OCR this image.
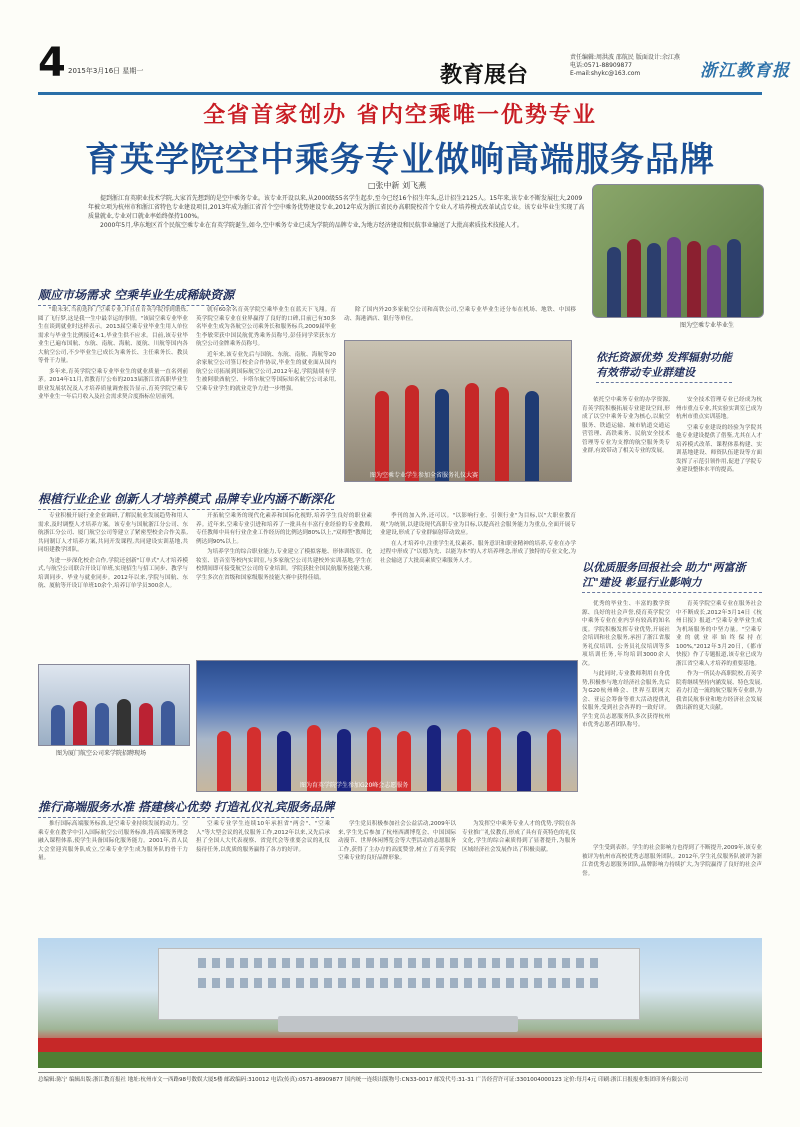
4 2015年3月16日 星期一	教育展台
责任编辑:周洪波 邵航民 版面设计:余江燕
电话:0571-88909877
E-mail:shykc@163.com	浙江教育报
全省首家创办 省内空乘唯一优势专业
育英学院空中乘务专业做响高端服务品牌
□张中新 刘飞燕

提到浙江育英职业技术学院,大家首先想到的是空中乘务专业。该专业开设以来,从2000级55名学生起步,至今已经16个招生年头,总计招生2125人。15年来,该专业不断发展壮大,2009年被立项为杭州市和浙江省特色专业建设项目,2013年成为浙江省首个空中乘务优势建设专业,2012年成为浙江省民办高职院校首个专业人才培养模式改革试点专业。该专业毕业生实现了高质量就业,专业对口就业率始终保持100%。

2000年5月,华东地区首个民航空乘专业在育英学院诞生,如今,空中乘务专业已成为学院的品牌专业,为地方经济建设和民航事业输送了大批高素质技术技能人才。

图为空乘专业毕业生
顺应市场需求 空乘毕业生成稀缺资源

"眼未来,当初选择了空乘专业,并且在育英学院得到锻炼,圆了飞行梦,这是我一生中最幸运的事情。"该届空乘专业毕业生在谈到就业时这样表示。2013届空乘专业毕业生用人单位需求与毕业生比例接近4:1,毕业生供不应求。目前,该专业毕业生已遍布国航、东航、南航、海航、厦航、川航等国内各大航空公司,不少毕业生已成长为乘务长、主任乘务长、教员等骨干力量。

多年来,育英学院空乘专业毕业生的就业质量一直名列前茅。2014年11月,省教育厅公布的2013届浙江省高职毕业生职业发展状况及人才培养质量调查报告显示,育英学院空乘专业毕业生一年后月收入及社会需求契合度指标位居前列。

就有60余名育英学院空乘毕业生在蓝天下飞翔。育英学院空乘专业在业界赢得了良好的口碑,目前已有30多名毕业生成为各航空公司乘务长和服务标兵,2009届毕业生李敏荣获中国民航优秀乘务员称号,彭佳同学荣获东方航空公司金牌乘务员称号。

近年来,该专业先后与国航、东航、南航、海航等20余家航空公司签订校企合作协议,毕业生的就业面从国内航空公司拓展到国际航空公司,2012年起,学院陆续有学生被阿联酋航空、卡塔尔航空等国际知名航空公司录用,空乘专业学生的就业竞争力进一步增强。

除了国内外20多家航空公司和高铁公司,空乘专业毕业生还分布在机场、地铁、中国移动、海港酒店、银行等单位。

图为空乘专业学生参加全省服务礼仪大赛
依托资源优势 发挥辐射功能
有效带动专业群建设

依托空中乘务专业的办学资源,育英学院积极拓展专业建设空间,形成了以空中乘务专业为核心,以航空服务、铁道运输、城市轨道交通运营管理、高铁乘务、民航安全技术管理等专业为支撑的航空服务类专业群,有效带动了相关专业的发展。

安全技术管理专业已经成为杭州市重点专业,其实验实训室已成为杭州市重点实训基地。

空乘专业建设的经验为学院其他专业建设提供了借鉴,尤其在人才培养模式改革、课程体系构建、实训基地建设、师资队伍建设等方面发挥了示范引领作用,促进了学院专业建设整体水平的提高。

根植行业企业 创新人才培养模式 品牌专业内涵不断深化

专业积极开展行业企业调研,了解民航业发展趋势和用人需求,及时调整人才培养方案。该专业与国航浙江分公司、东航浙江分公司、厦门航空公司等建立了紧密型校企合作关系,共同制订人才培养方案,共同开发课程,共同建设实训基地,共同组建教学团队。

为进一步深化校企合作,学院还创新"订单式"人才培养模式,与航空公司联合开设订单班,实现招生与招工同步、教学与培训同步、毕业与就业同步。2012年以来,学院与国航、东航、厦航等开设订单班10余个,培养订单学员300余人。

开拓航空乘务的现代化素养和国际化视野,培养学生良好的职业素养。近年来,空乘专业引进和培养了一批具有丰富行业经验的专业教师,专任教师中具有行业企业工作经历的比例达到80%以上,"双师型"教师比例达到90%以上。

为培养学生的综合职业能力,专业建立了模拟客舱、形体训练室、化妆室、语音室等校内实训室,与多家航空公司共建校外实训基地,学生在校期间即可接受航空公司的专业培训。学院获批全国民航服务技能大赛,学生多次在省级和国家级服务技能大赛中获得佳绩。

季刊的加入外,还可以。"以影响行业、引领行业"为目标,以"大职业教育观"为统领,以建设现代高职专业为目标,以提高社会服务能力为重点,全面开展专业建设,形成了专业群辐射带动效应。

在人才培养中,注重学生礼仪素养、服务意识和职业精神的培养,专业在办学过程中形成了"以德为先、以能为本"的人才培养理念,形成了独特的专业文化,为社会输送了大批高素质空乘服务人才。

以优质服务回报社会 助力"两富浙江"建设 彰显行业影响力

优秀的毕业生、丰富的教学资源、良好的社会声誉,使育英学院空中乘务专业在业内享有较高的知名度。学院积极发挥专业优势,开展社会培训和社会服务,承担了浙江省服务礼仪培训、公务员礼仪培训等多项培训任务,年均培训3000余人次。

与此同时,专业教师利用自身优势,积极参与地方经济社会服务,先后为G20杭州峰会、世界互联网大会、亚运会筹备等重大活动提供礼仪服务,受到社会各界的一致好评。学生党员志愿服务队多次获得杭州市优秀志愿者团队称号。

育英学院空乘专业在服务社会中不断成长,2012年3月14日《杭州日报》报道:"空乘专业毕业生成为机场服务的中坚力量。"空乘专业的就业率始终保持在100%,"2012年3月20日,《都市快报》作了专题报道,该专业已成为浙江省空乘人才培养的重要基地。

作为一所民办高职院校,育英学院将继续坚持内涵发展、特色发展,着力打造一流的航空服务专业群,为我省民航事业和地方经济社会发展做出新的更大贡献。

图为厦门航空公司来学院招聘现场
图为育英学院学生参加G20峰会志愿服务
推行高端服务水准 搭建核心优势 打造礼仪礼宾服务品牌

推行国际高端服务标准,是空乘专业持续发展的动力。空乘专业在教学中引入国际航空公司服务标准,将高端服务理念融入课程体系,使学生具备国际化服务能力。2001年,省人民大会堂迎宾服务队成立,空乘专业学生成为服务队的骨干力量。

空乘专业学生连续10年承担省"两会"、"空乘人"等大型会议的礼仪服务工作,2012年以来,又先后承担了全国人大代表视察、省党代会等重要会议的礼仪接待任务,以优质的服务赢得了各方的好评。

学生党员积极参加社会公益活动,2009年以来,学生先后参加了杭州西湖博览会、中国国际动漫节、世界休闲博览会等大型活动的志愿服务工作,获得了主办方的高度赞誉,树立了育英学院空乘专业的良好品牌形象。

为发挥空中乘务专业人才的优势,学院在各专业推广礼仪教育,形成了具有育英特色的礼仪文化,学生的综合素质得到了显著提升,为服务区域经济社会发展作出了积极贡献。	学生受到表彰。学生的社会影响力也得到了不断提升,2009年,该专业被评为杭州市高校优秀志愿服务团队。2012年,学生礼仪服务队被评为浙江省优秀志愿服务团队,品牌影响力持续扩大,为学院赢得了良好的社会声誉。

总编辑:陈宁 编辑出版:浙江教育报社 地址:杭州市文一西路98号数娱大厦5楼 邮政编码:310012 电话(传真):0571-88909877 国内统一连续出版物号:CN33-0017 邮发代号:31-31 广告经营许可证:3301004000123 定价:每月4元 印刷:浙江日报报业集团印务有限公司
